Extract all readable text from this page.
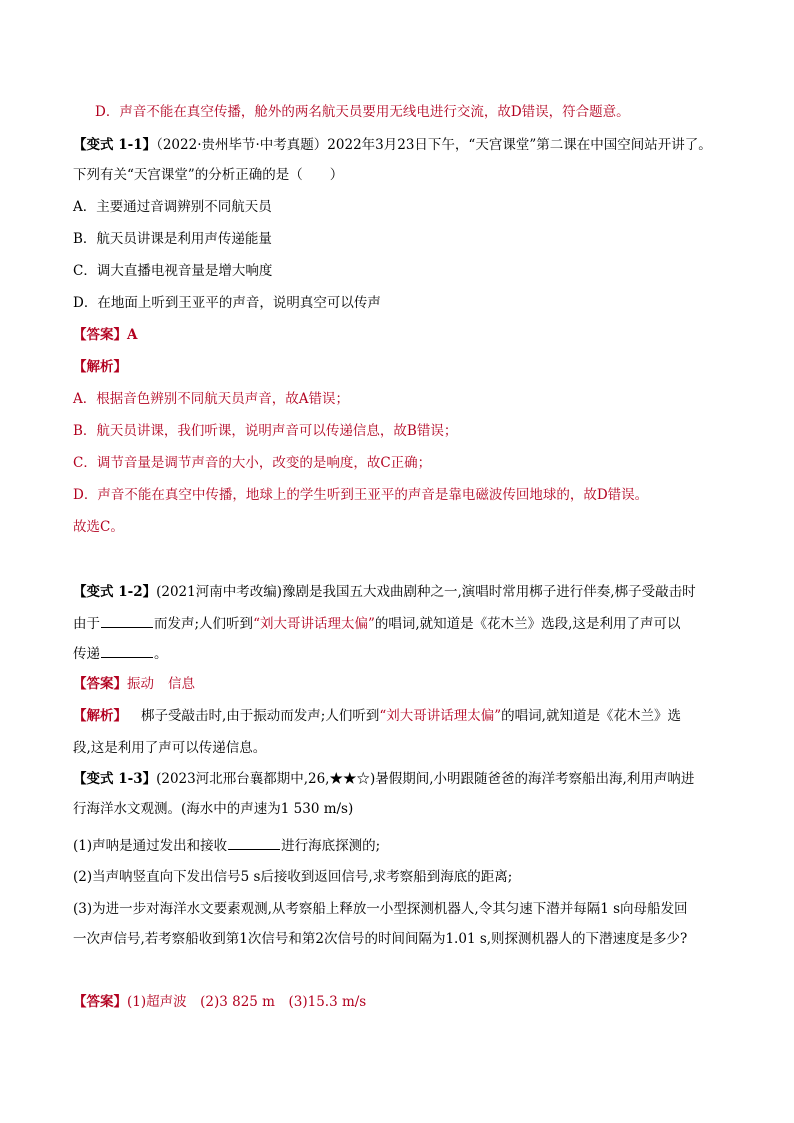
D．声音不能在真空传播，舱外的两名航天员要用无线电进行交流，故D错误，符合题意。
【变式 1-1】（2022·贵州毕节·中考真题）2022年3月23日下午，“天宫课堂”第二课在中国空间站开讲了。
下列有关“天宫课堂”的分析正确的是（　　）
A．主要通过音调辨别不同航天员
B．航天员讲课是利用声传递能量
C．调大直播电视音量是增大响度
D．在地面上听到王亚平的声音，说明真空可以传声
【答案】A
【解析】
A．根据音色辨别不同航天员声音，故A错误；
B．航天员讲课，我们听课，说明声音可以传递信息，故B错误；
C．调节音量是调节声音的大小，改变的是响度，故C正确；
D．声音不能在真空中传播，地球上的学生听到王亚平的声音是靠电磁波传回地球的，故D错误。
故选C。
【变式 1-2】(2021河南中考改编)豫剧是我国五大戏曲剧种之一,演唱时常用梆子进行伴奏,梆子受敲击时
由于	而发声;人们听到“刘大哥讲话理太偏”的唱词,就知道是《花木兰》选段,这是利用了声可以
传递	。
【答案】振动 信息
【解析】 梆子受敲击时,由于振动而发声;人们听到“刘大哥讲话理太偏”的唱词,就知道是《花木兰》选
段,这是利用了声可以传递信息。
【变式 1-3】(2023河北邢台襄都期中,26,★★☆)暑假期间,小明跟随爸爸的海洋考察船出海,利用声呐进
行海洋水文观测。(海水中的声速为1 530 m/s)
(1)声呐是通过发出和接收	进行海底探测的;
(2)当声呐竖直向下发出信号5 s后接收到返回信号,求考察船到海底的距离;
(3)为进一步对海洋水文要素观测,从考察船上释放一小型探测机器人,令其匀速下潜并每隔1 s向母船发回
一次声信号,若考察船收到第1次信号和第2次信号的时间间隔为1.01 s,则探测机器人的下潜速度是多少?
【答案】(1)超声波　(2)3 825 m　(3)15.3 m/s
